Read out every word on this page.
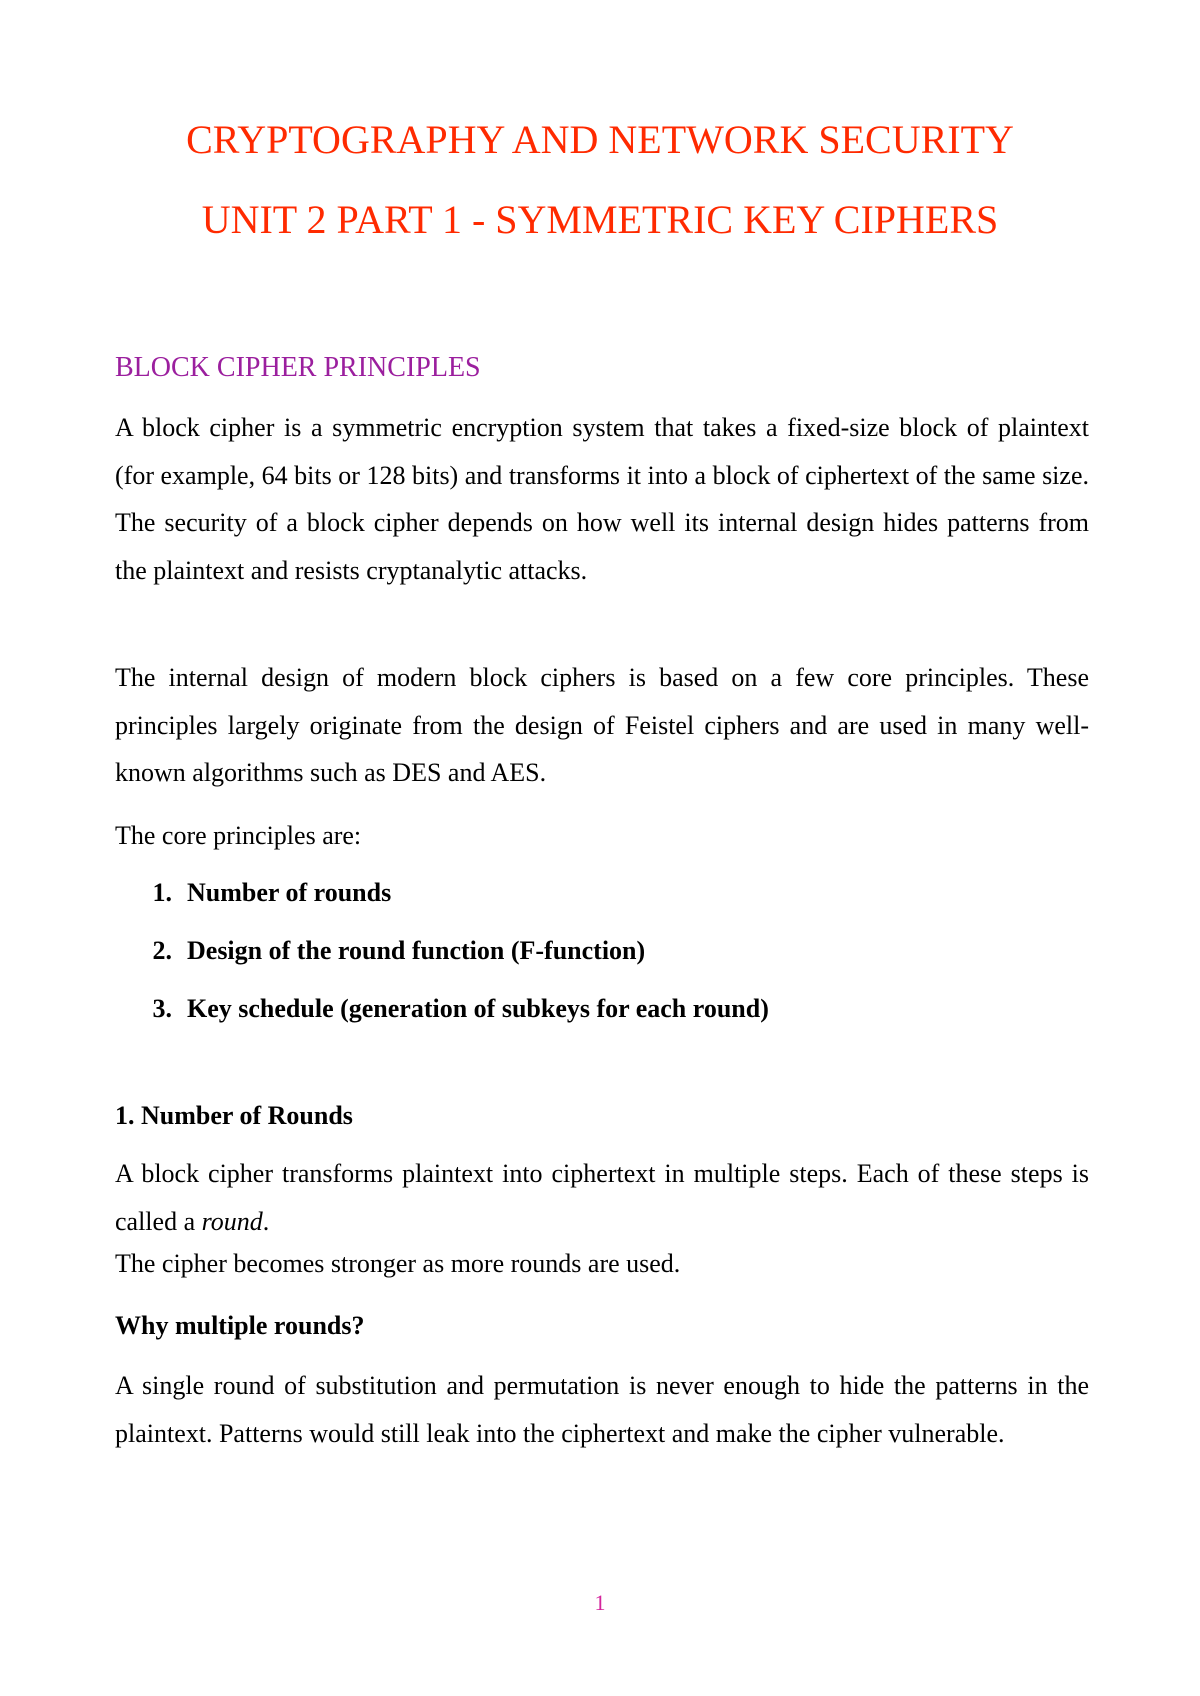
CRYPTOGRAPHY AND NETWORK SECURITY
UNIT 2 PART 1 - SYMMETRIC KEY CIPHERS
BLOCK CIPHER PRINCIPLES
A block cipher is a symmetric encryption system that takes a fixed-size block of plaintext (for example, 64 bits or 128 bits) and transforms it into a block of ciphertext of the same size. The security of a block cipher depends on how well its internal design hides patterns from the plaintext and resists cryptanalytic attacks.
The internal design of modern block ciphers is based on a few core principles. These principles largely originate from the design of Feistel ciphers and are used in many well-known algorithms such as DES and AES.
The core principles are:
1. Number of rounds
2. Design of the round function (F-function)
3. Key schedule (generation of subkeys for each round)
1. Number of Rounds
A block cipher transforms plaintext into ciphertext in multiple steps. Each of these steps is called a round.
The cipher becomes stronger as more rounds are used.
Why multiple rounds?
A single round of substitution and permutation is never enough to hide the patterns in the plaintext. Patterns would still leak into the ciphertext and make the cipher vulnerable.
1
